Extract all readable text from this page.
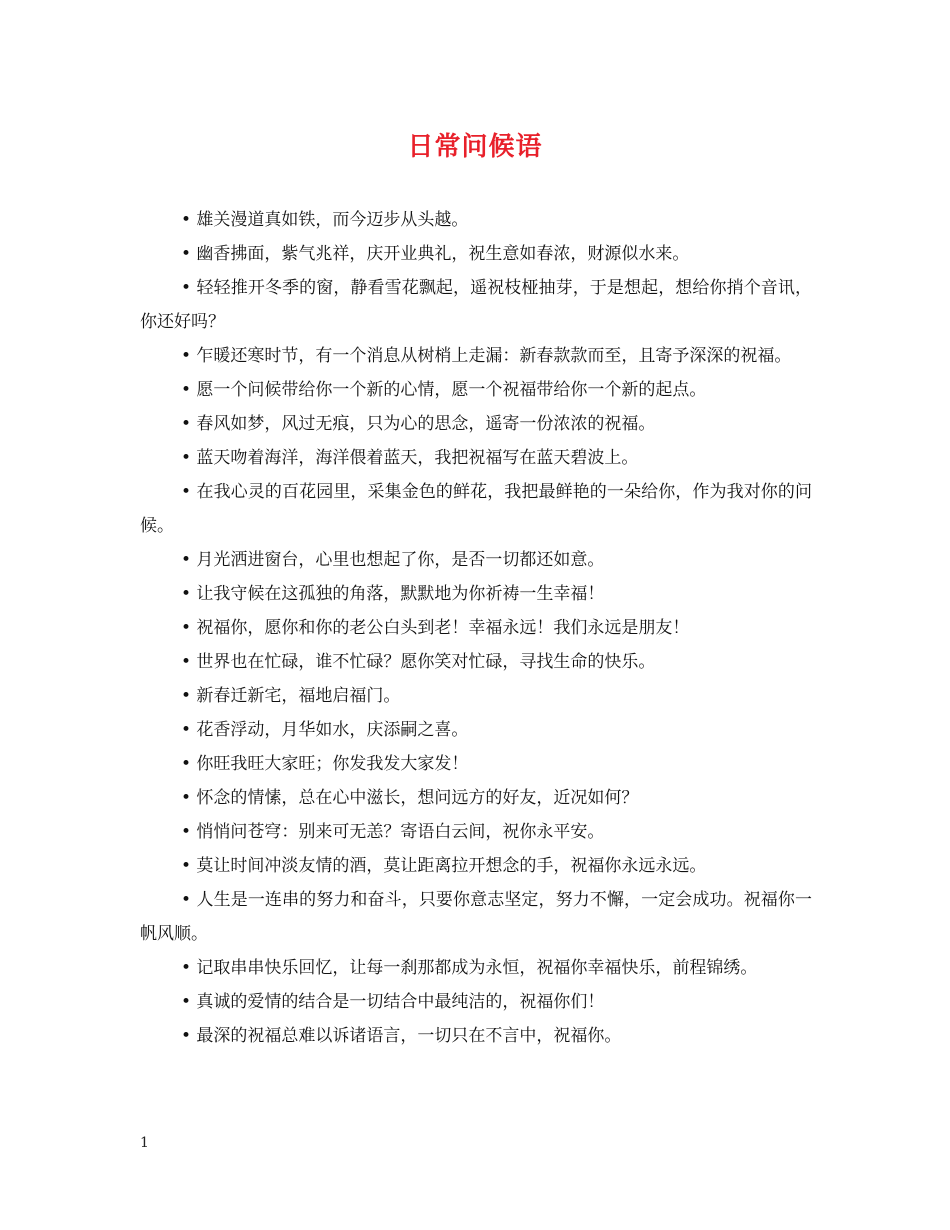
日常问候语

• 雄关漫道真如铁，而今迈步从头越。

• 幽香拂面，紫气兆祥，庆开业典礼，祝生意如春浓，财源似水来。

• 轻轻推开冬季的窗，静看雪花飘起，遥祝枝桠抽芽，于是想起，想给你捎个音讯，你还好吗？

• 乍暖还寒时节，有一个消息从树梢上走漏：新春款款而至，且寄予深深的祝福。

• 愿一个问候带给你一个新的心情，愿一个祝福带给你一个新的起点。

• 春风如梦，风过无痕，只为心的思念，遥寄一份浓浓的祝福。

• 蓝天吻着海洋，海洋偎着蓝天，我把祝福写在蓝天碧波上。

• 在我心灵的百花园里，采集金色的鲜花，我把最鲜艳的一朵给你，作为我对你的问候。

• 月光洒进窗台，心里也想起了你，是否一切都还如意。

• 让我守候在这孤独的角落，默默地为你祈祷一生幸福！

• 祝福你，愿你和你的老公白头到老！幸福永远！我们永远是朋友！

• 世界也在忙碌，谁不忙碌？愿你笑对忙碌，寻找生命的快乐。

• 新春迁新宅，福地启福门。

• 花香浮动，月华如水，庆添嗣之喜。

• 你旺我旺大家旺；你发我发大家发！

• 怀念的情愫，总在心中滋长，想问远方的好友，近况如何？

• 悄悄问苍穹：别来可无恙？寄语白云间，祝你永平安。

• 莫让时间冲淡友情的酒，莫让距离拉开想念的手，祝福你永远永远。

• 人生是一连串的努力和奋斗，只要你意志坚定，努力不懈，一定会成功。祝福你一帆风顺。

• 记取串串快乐回忆，让每一刹那都成为永恒，祝福你幸福快乐，前程锦绣。

• 真诚的爱情的结合是一切结合中最纯洁的，祝福你们！

• 最深的祝福总难以诉诸语言，一切只在不言中，祝福你。

1
